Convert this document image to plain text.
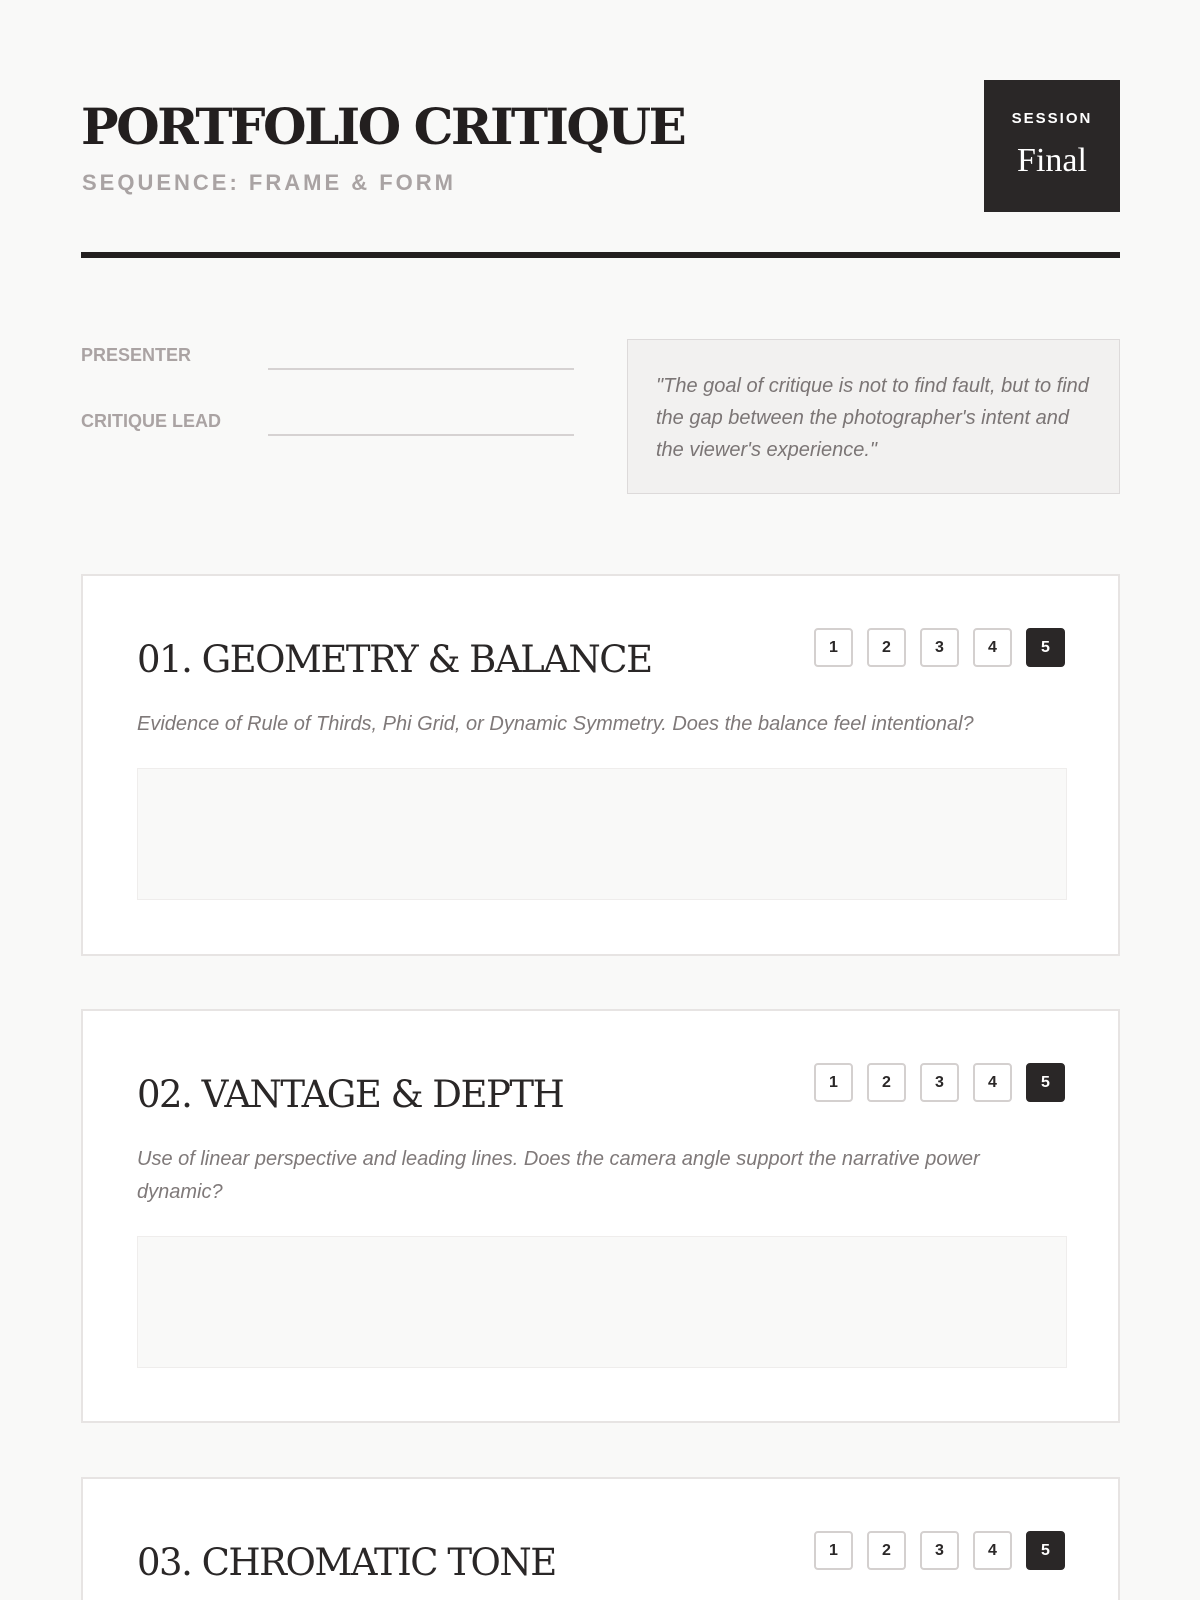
PORTFOLIO CRITIQUE
SEQUENCE: FRAME & FORM
SESSION
Final
PRESENTER
CRITIQUE LEAD
"The goal of critique is not to find fault, but to find the gap between the photographer's intent and the viewer's experience."
01. GEOMETRY & BALANCE	1	2	3	4	5
Evidence of Rule of Thirds, Phi Grid, or Dynamic Symmetry. Does the balance feel intentional?
02. VANTAGE & DEPTH	1	2	3	4	5
Use of linear perspective and leading lines. Does the camera angle support the narrative power dynamic?
03. CHROMATIC TONE	1	2	3	4	5
